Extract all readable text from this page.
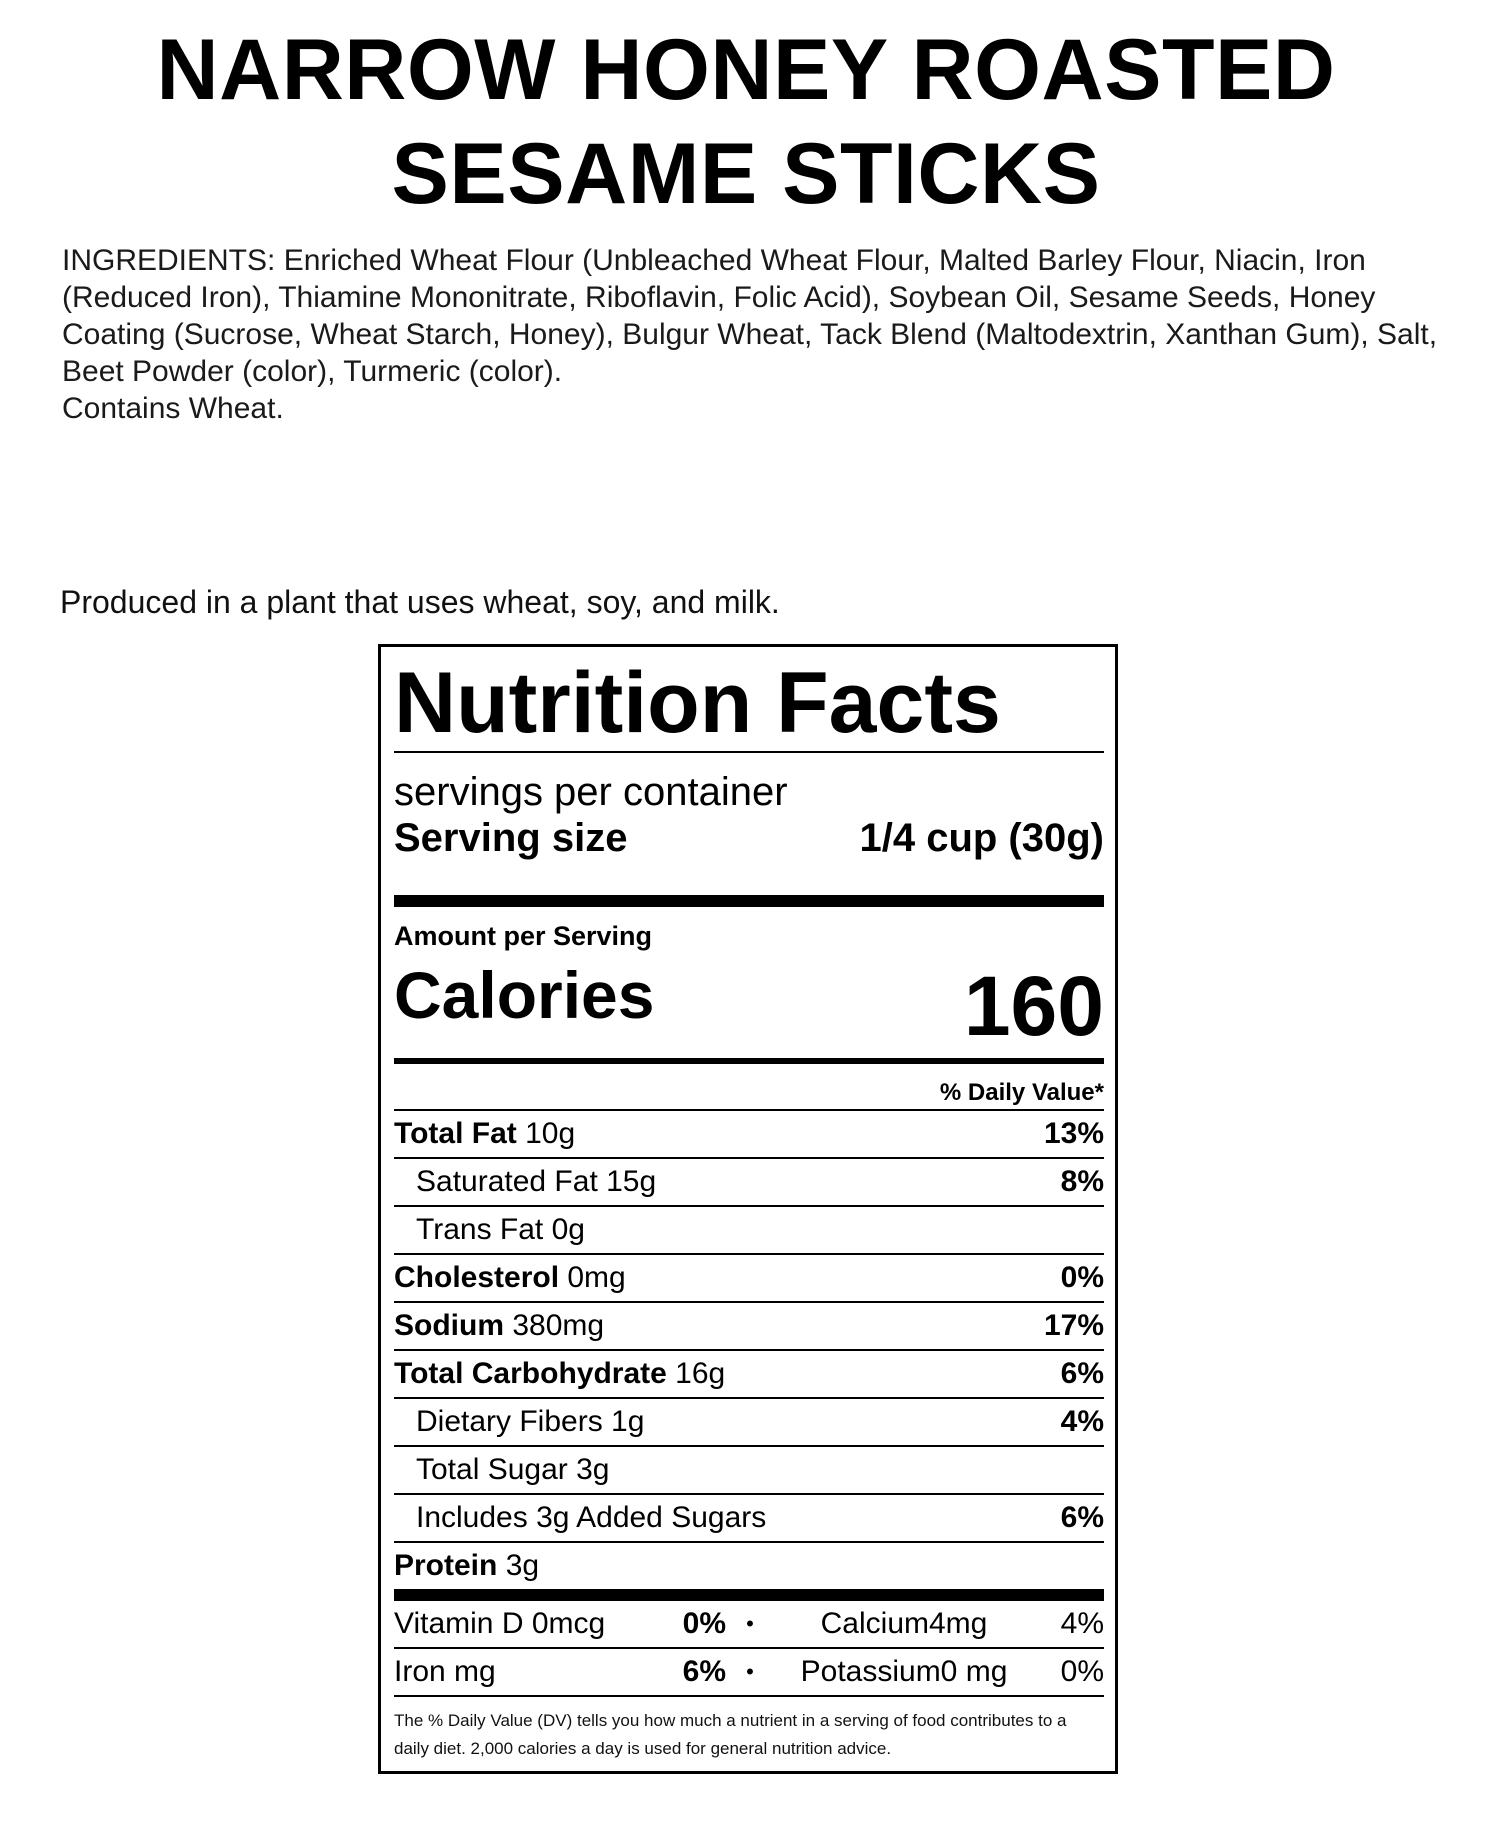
NARROW HONEY ROASTED
SESAME STICKS
INGREDIENTS: Enriched Wheat Flour (Unbleached Wheat Flour, Malted Barley Flour, Niacin, Iron (Reduced Iron), Thiamine Mononitrate, Riboflavin, Folic Acid), Soybean Oil, Sesame Seeds, Honey Coating (Sucrose, Wheat Starch, Honey), Bulgur Wheat, Tack Blend (Maltodextrin, Xanthan Gum), Salt, Beet Powder (color), Turmeric (color).
Contains Wheat.
Produced in a plant that uses wheat, soy, and milk.
Nutrition Facts
servings per container
Serving size	1/4 cup (30g)
Amount per Serving
Calories	160
% Daily Value*
Total Fat 10g	13%
Saturated Fat 15g	8%
Trans Fat 0g
Cholesterol 0mg	0%
Sodium 380mg	17%
Total Carbohydrate 16g	6%
Dietary Fibers 1g	4%
Total Sugar 3g
Includes 3g Added Sugars	6%
Protein 3g
Vitamin D 0mcg	0% •	Calcium4mg	4%
Iron mg	6% •	Potassium0 mg	0%
The % Daily Value (DV) tells you how much a nutrient in a serving of food contributes to a daily diet. 2,000 calories a day is used for general nutrition advice.
